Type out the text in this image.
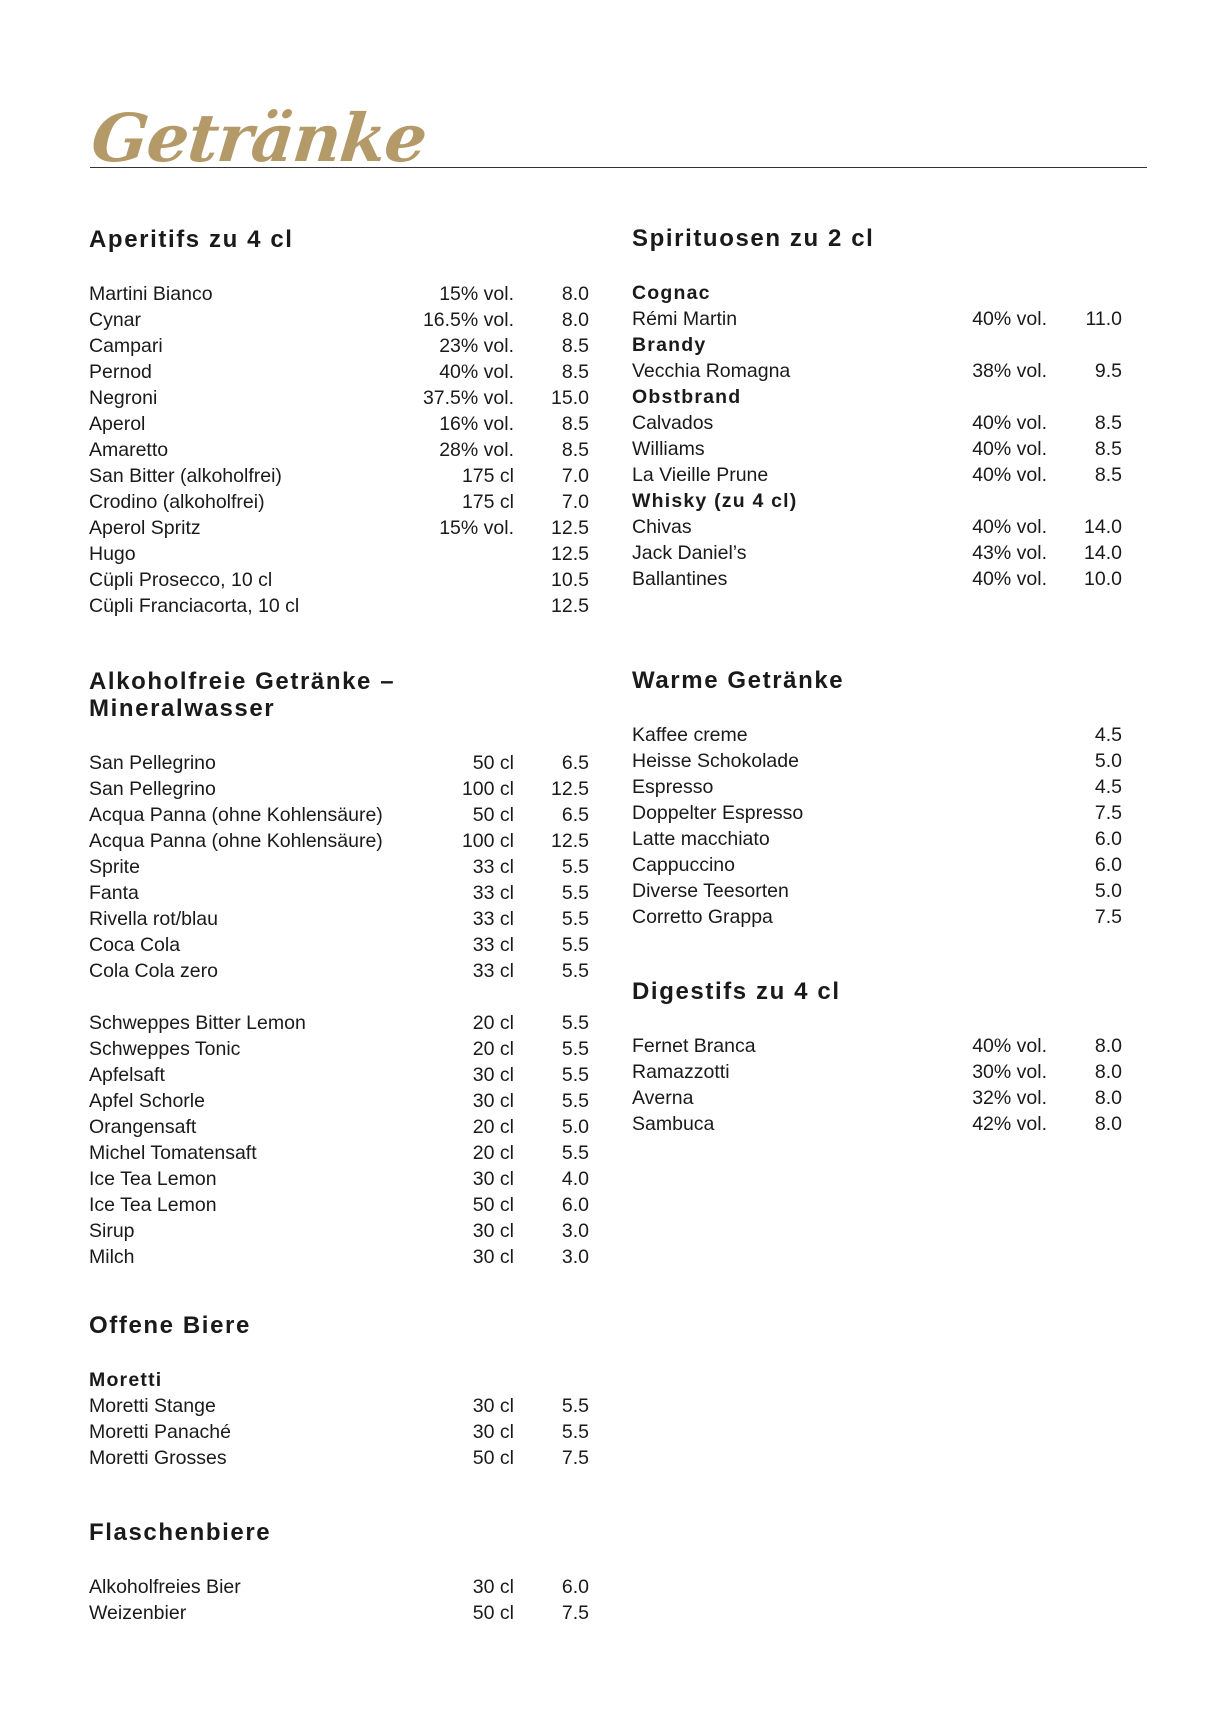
Getränke
Aperitifs zu 4 cl
Martini Bianco	15% vol. 8.0
Cynar	16.5% vol. 8.0
Campari	23% vol. 8.5
Pernod	40% vol. 8.5
Negroni	37.5% vol. 15.0
Aperol	16% vol. 8.5
Amaretto	28% vol. 8.5
San Bitter (alkoholfrei)	175 cl 7.0
Crodino (alkoholfrei)	175 cl 7.0
Aperol Spritz	15% vol. 12.5
Hugo	12.5
Cüpli Prosecco, 10 cl	10.5
Cüpli Franciacorta, 10 cl	12.5
Alkoholfreie Getränke –
Mineralwasser
San Pellegrino	50 cl 6.5
San Pellegrino	100 cl 12.5
Acqua Panna (ohne Kohlensäure)	50 cl 6.5
Acqua Panna (ohne Kohlensäure)	100 cl 12.5
Sprite	33 cl 5.5
Fanta	33 cl 5.5
Rivella rot/blau	33 cl 5.5
Coca Cola	33 cl 5.5
Cola Cola zero	33 cl 5.5
Schweppes Bitter Lemon	20 cl 5.5
Schweppes Tonic	20 cl 5.5
Apfelsaft	30 cl 5.5
Apfel Schorle	30 cl 5.5
Orangensaft	20 cl 5.0
Michel Tomatensaft	20 cl 5.5
Ice Tea Lemon	30 cl 4.0
Ice Tea Lemon	50 cl 6.0
Sirup	30 cl 3.0
Milch	30 cl 3.0
Offene Biere
Moretti
Moretti Stange	30 cl 5.5
Moretti Panaché	30 cl 5.5
Moretti Grosses	50 cl 7.5
Flaschenbiere
Alkoholfreies Bier	30 cl 6.0
Weizenbier	50 cl 7.5
Spirituosen zu 2 cl
Cognac
Rémi Martin	40% vol. 11.0
Brandy
Vecchia Romagna	38% vol. 9.5
Obstbrand
Calvados	40% vol. 8.5
Williams	40% vol. 8.5
La Vieille Prune	40% vol. 8.5
Whisky (zu 4 cl)
Chivas	40% vol. 14.0
Jack Daniel’s	43% vol. 14.0
Ballantines	40% vol. 10.0
Warme Getränke
Kaffee creme	4.5
Heisse Schokolade	5.0
Espresso	4.5
Doppelter Espresso	7.5
Latte macchiato	6.0
Cappuccino	6.0
Diverse Teesorten	5.0
Corretto Grappa	7.5
Digestifs zu 4 cl
Fernet Branca	40% vol. 8.0
Ramazzotti	30% vol. 8.0
Averna	32% vol. 8.0
Sambuca	42% vol. 8.0
